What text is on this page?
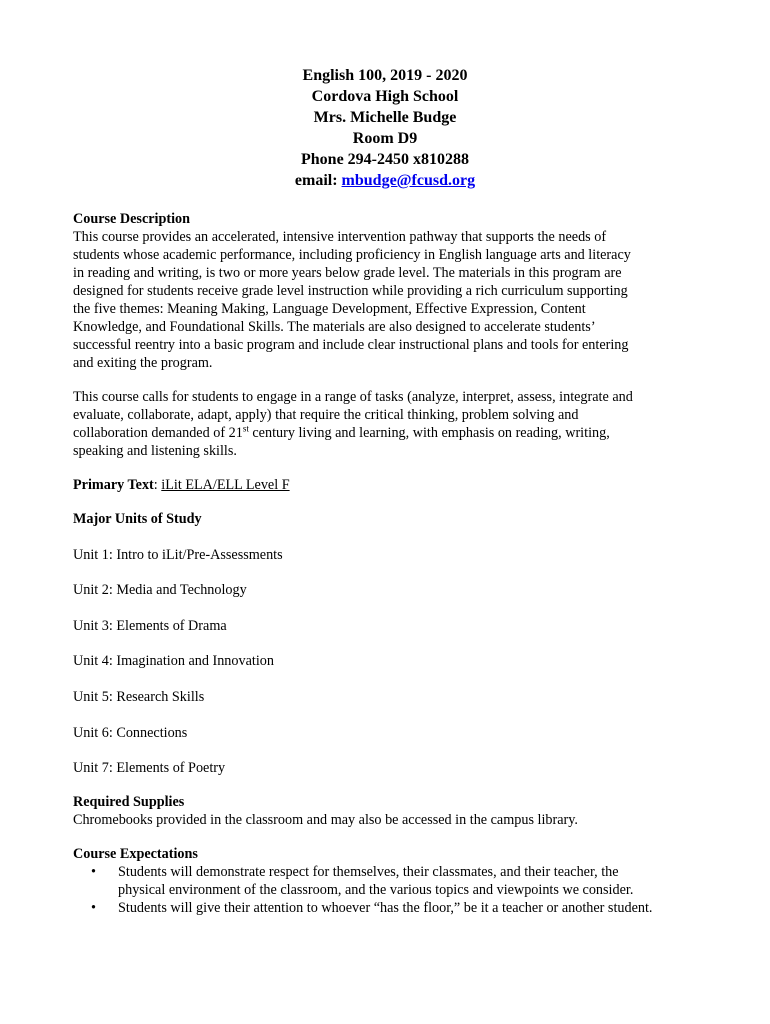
English 100, 2019 - 2020
Cordova High School
Mrs. Michelle Budge
Room D9
Phone 294-2450 x810288
email: mbudge@fcusd.org
Course Description
This course provides an accelerated, intensive intervention pathway that supports the needs of
students whose academic performance, including proficiency in English language arts and literacy
in reading and writing, is two or more years below grade level. The materials in this program are
designed for students receive grade level instruction while providing a rich curriculum supporting
the five themes: Meaning Making, Language Development, Effective Expression, Content
Knowledge, and Foundational Skills. The materials are also designed to accelerate students’
successful reentry into a basic program and include clear instructional plans and tools for entering
and exiting the program.
This course calls for students to engage in a range of tasks (analyze, interpret, assess, integrate and
evaluate, collaborate, adapt, apply) that require the critical thinking, problem solving and
collaboration demanded of 21st century living and learning, with emphasis on reading, writing,
speaking and listening skills.
Primary Text: iLit ELA/ELL Level F
Major Units of Study
Unit 1: Intro to iLit/Pre-Assessments
Unit 2: Media and Technology
Unit 3: Elements of Drama
Unit 4: Imagination and Innovation
Unit 5: Research Skills
Unit 6: Connections
Unit 7: Elements of Poetry
Required Supplies
Chromebooks provided in the classroom and may also be accessed in the campus library.
Course Expectations
• Students will demonstrate respect for themselves, their classmates, and their teacher, the
physical environment of the classroom, and the various topics and viewpoints we consider.
• Students will give their attention to whoever “has the floor,” be it a teacher or another student.
